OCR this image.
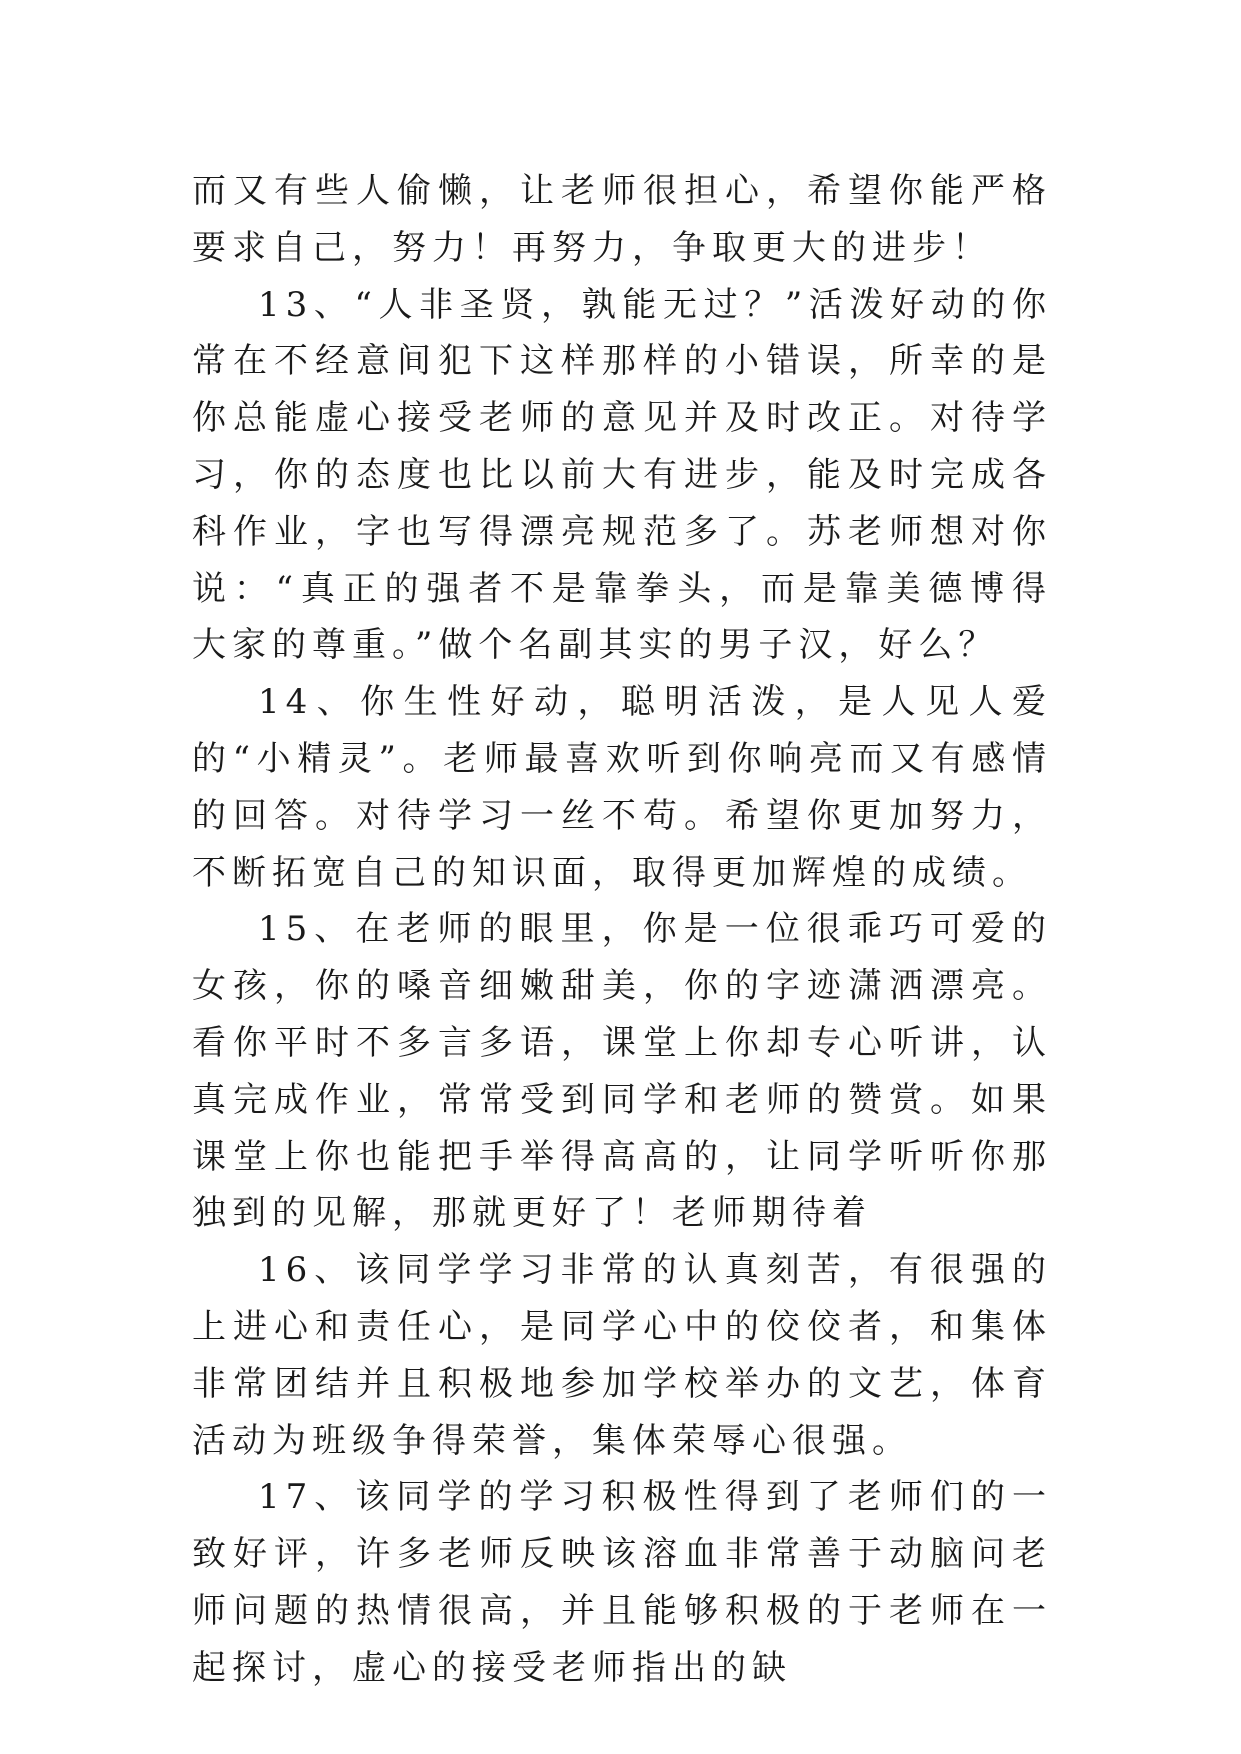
而又有些人偷懒，让老师很担心，希望你能严格要求自己，努力！再努力，争取更大的进步！

13、“人非圣贤，孰能无过？”活泼好动的你常在不经意间犯下这样那样的小错误，所幸的是你总能虚心接受老师的意见并及时改正。对待学习，你的态度也比以前大有进步，能及时完成各科作业，字也写得漂亮规范多了。苏老师想对你说：“真正的强者不是靠拳头，而是靠美德博得大家的尊重。”做个名副其实的男子汉，好么？

14、你生性好动，聪明活泼，是人见人爱的“小精灵”。老师最喜欢听到你响亮而又有感情的回答。对待学习一丝不苟。希望你更加努力，不断拓宽自己的知识面，取得更加辉煌的成绩。

15、在老师的眼里，你是一位很乖巧可爱的女孩，你的嗓音细嫩甜美，你的字迹潇洒漂亮。看你平时不多言多语，课堂上你却专心听讲，认真完成作业，常常受到同学和老师的赞赏。如果课堂上你也能把手举得高高的，让同学听听你那独到的见解，那就更好了！老师期待着

16、该同学学习非常的认真刻苦，有很强的上进心和责任心，是同学心中的佼佼者，和集体非常团结并且积极地参加学校举办的文艺，体育活动为班级争得荣誉，集体荣辱心很强。

17、该同学的学习积极性得到了老师们的一致好评，许多老师反映该溶血非常善于动脑问老师问题的热情很高，并且能够积极的于老师在一起探讨，虚心的接受老师指出的缺
